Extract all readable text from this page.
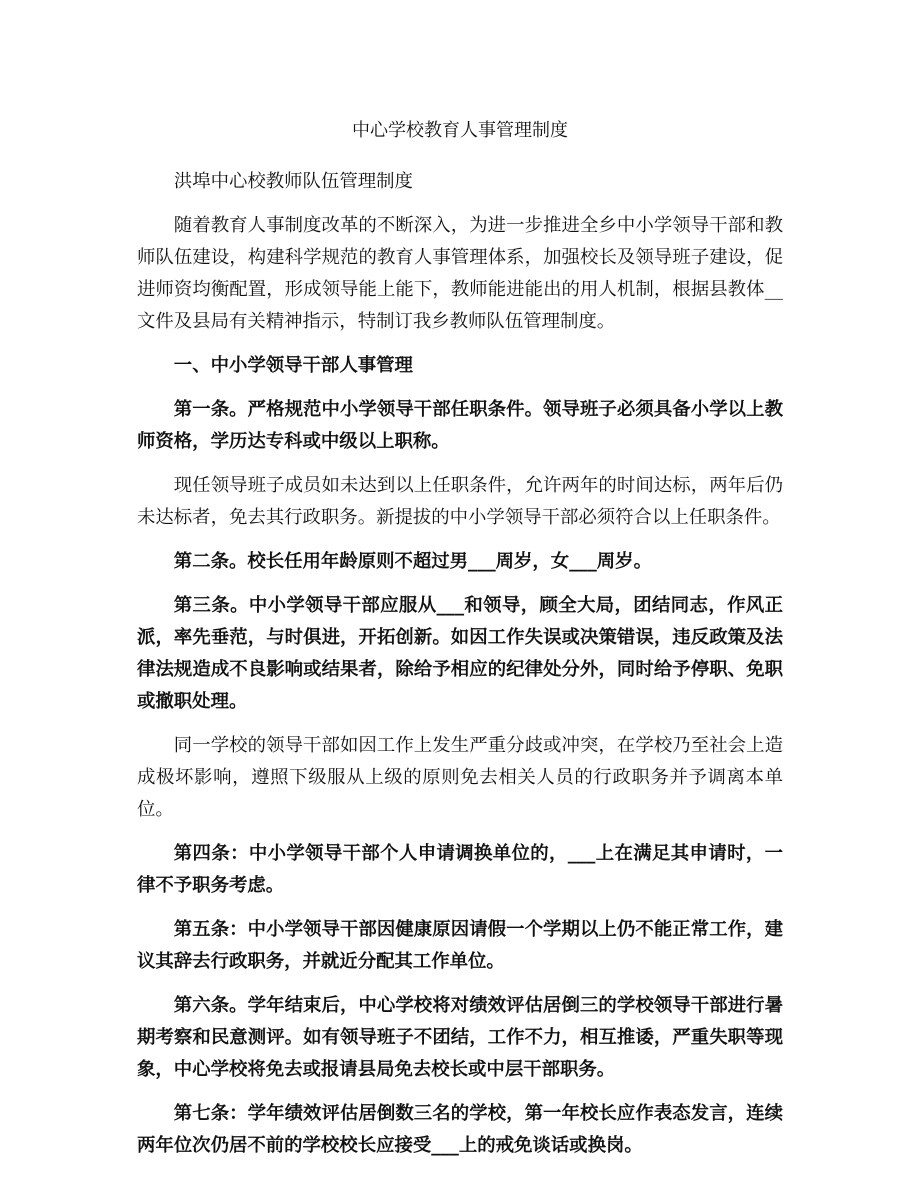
中心学校教育人事管理制度

洪埠中心校教师队伍管理制度

随着教育人事制度改革的不断深入，为进一步推进全乡中小学领导干部和教师队伍建设，构建科学规范的教育人事管理体系，加强校长及领导班子建设，促进师资均衡配置，形成领导能上能下，教师能进能出的用人机制，根据县教体__文件及县局有关精神指示，特制订我乡教师队伍管理制度。

一、中小学领导干部人事管理

第一条。严格规范中小学领导干部任职条件。领导班子必须具备小学以上教师资格，学历达专科或中级以上职称。

现任领导班子成员如未达到以上任职条件，允许两年的时间达标，两年后仍未达标者，免去其行政职务。新提拔的中小学领导干部必须符合以上任职条件。

第二条。校长任用年龄原则不超过男___周岁，女___周岁。

第三条。中小学领导干部应服从___和领导，顾全大局，团结同志，作风正派，率先垂范，与时俱进，开拓创新。如因工作失误或决策错误，违反政策及法律法规造成不良影响或结果者，除给予相应的纪律处分外，同时给予停职、免职或撤职处理。

同一学校的领导干部如因工作上发生严重分歧或冲突，在学校乃至社会上造成极坏影响，遵照下级服从上级的原则免去相关人员的行政职务并予调离本单位。

第四条：中小学领导干部个人申请调换单位的，___上在满足其申请时，一律不予职务考虑。

第五条：中小学领导干部因健康原因请假一个学期以上仍不能正常工作，建议其辞去行政职务，并就近分配其工作单位。

第六条。学年结束后，中心学校将对绩效评估居倒三的学校领导干部进行暑期考察和民意测评。如有领导班子不团结，工作不力，相互推诿，严重失职等现象，中心学校将免去或报请县局免去校长或中层干部职务。

第七条：学年绩效评估居倒数三名的学校，第一年校长应作表态发言，连续两年位次仍居不前的学校校长应接受___上的戒免谈话或换岗。
